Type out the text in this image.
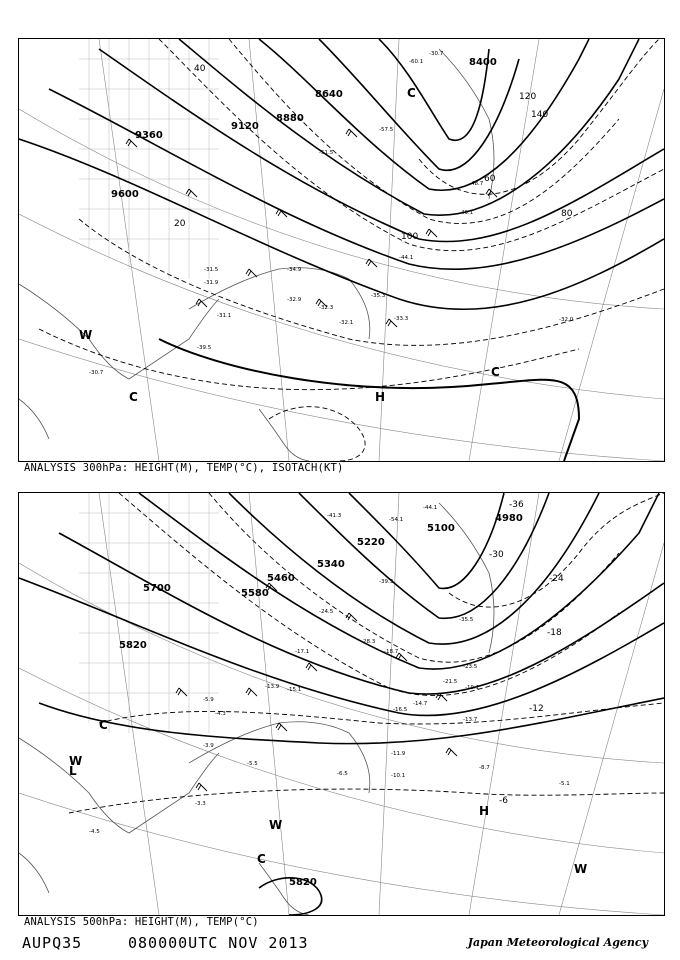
9600
9360
9120
8880
8640
8400
20
40
60
80
100
120
140
-31.5
-31.9
-31.1
-32.9
-32.3
-32.1
-33.3
-35.3
-34.9
-39.5
-30.7
-44.1
-49.1
-51.5
-57.5
-60.1
-30.7
-32.0
-48.7
H
C
C
C
W
ANALYSIS 300hPa: HEIGHT(M), TEMP(°C), ISOTACH(KT)
5700
5820
5820
5580
5460
5340
5220
5100
4980
-36
-30
-24
-18
-12
-6
-15.1
-13.9
-17.1	-18.7
-24.5
-28.3
-35.5
-39.3
-44.1
-54.1
-41.3
-13.7
-8.7
-5.1
-10.1
-11.9
-6.5
-5.5
-4.3
-3.9
-3.3
-4.5
-5.9
-23.5
-21.5
-16.5
-19.1
-14.7
H
L
C
C
W
W
W
ANALYSIS 500hPa: HEIGHT(M), TEMP(°C)
AUPQ35	080000UTC NOV 2013	Japan Meteorological Agency
